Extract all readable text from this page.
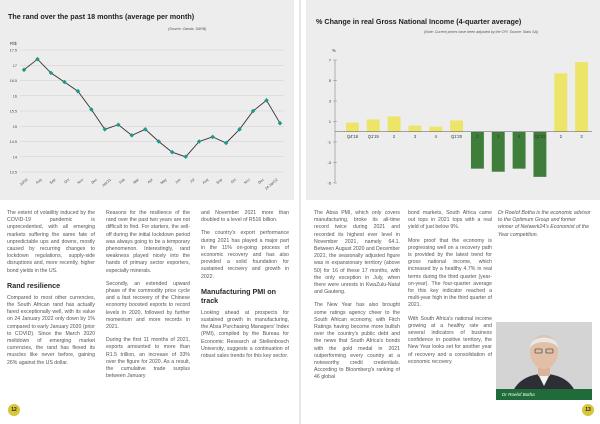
The rand over the past 18 months (average per month)
(Source: Oanda, SARB)
R/$
17.5
17
16.5
16
15.5
15
14.5
14
13.5
Jul'20 Aug Sep Oct Nov Dec Jan'21 Feb Mar Apr May Jun Jul Aug Sep Oct Nov Dec 24 Jan'22
% Change in real Gross National Income (4-quarter average)
(Note: Current prices have been adjusted by the CPI. Source: Stats SA)
%
7
5
3
1
-1
-3
-5
Q4'18 Q1'19	2	3	4	Q1'20	2	3	4	Q1'21	2	3

The extent of volatility induced by the COVID-19 pandemic is unprecedented, with all emerging markets suffering the same fate of unpredictable ups and downs, mostly caused by recurring changes to lockdown regulations, supply-side disruptions and, more recently, higher bond yields in the US.

Rand resilience

Compared to most other currencies, the South African rand has actually fared exceptionally well, with its value on 24 January 2022 only down by 1% compared to early January 2020 (prior to COVID). Since the March 2020 meltdown of emerging market currencies, the rand has flexed its muscles like never before, gaining 26% against the US dollar.

Reasons for the resilience of the rand over the past two years are not difficult to find. For starters, the sell-off during the initial lockdown period was always going to be a temporary phenomenon. Interestingly, rand weakness played nicely into the hands of primary sector exporters, especially minerals.

Secondly, an extended upward phase of the commodity price cycle and a fast recovery of the Chinese economy boosted exports to record levels in 2020, followed by further momentum and more records in 2021.

During the first 11 months of 2021, exports amounted to more than R1.5 trillion, an increase of 33% over the figure for 2020. As a result, the cumulative trade surplus between January

and November 2021 more than doubled to a level of R516 billion.

The country's export performance during 2021 has played a major part in the 11% on-going process of economic recovery and has also provided a solid foundation for sustained recovery and growth in 2022.

Manufacturing PMI on track

Looking ahead at prospects for sustained growth in manufacturing, the Absa Purchasing Managers' Index (PMI), compiled by the Bureau for Economic Research at Stellenbosch University, suggests a continuation of robust sales trends for this key sector.

The Absa PMI, which only covers manufacturing, broke its all-time record twice during 2021 and recorded its highest ever level in November 2021, namely 64.1. Between August 2020 and December 2021, the seasonally adjusted figure was in expansionary territory (above 50) for 16 of these 17 months, with the only exception in July, when there were unrests in KwaZulu-Natal and Gauteng.

The New Year has also brought some ratings agency cheer to the South African economy, with Fitch Ratings having become more bullish over the country's public debt and the news that South Africa's bonds with the gold medal in 2021 outperforming every country at a noteworthy credit credentials. According to Bloomberg's ranking of 46 global

bond markets, South Africa came out tops in 2021 tops with a real yield of just below 9%.

More proof that the economy is progressing well on a recovery path is provided by the latest trend for gross national income, which increased by a healthy 4.7% in real terms during the third quarter (year-on-year). The four-quarter average for this key indicator reached a multi-year high in the third quarter of 2021.

With South Africa's national income growing at a healthy rate and several indicators of business confidence in positive territory, the New Year looks set for another year of recovery and a consolidation of economic recovery.

Dr Roelof Botha is the economic advisor to the Optimum Group and former winner of Netwerk24's Economist of the Year competition.

Dr Roelof Botha
12	13
